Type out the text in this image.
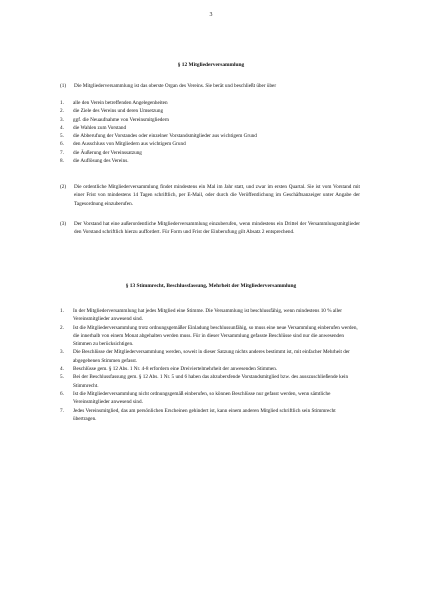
3
§ 12 Mitgliederversammlung
(1)	Die Mitgliederversammlung ist das oberste Organ des Vereins. Sie berät und beschließt über über
1.	alle den Verein betreffenden Angelegenheiten
2.	die Ziele des Vereins und deren Umsetzung
3.	ggf. die Neuaufnahme von Vereinsmitgliedern
4.	die Wahlen zum Vorstand
5.	die Abberufung der Vorstandes oder einzelner Vorstandsmitglieder aus wichtigem Grund
6.	den Ausschluss von Mitgliedern aus wichtigem Grund
7.	die Äußerung der Vereinssatzung
8.	die Auflösung des Vereins.
(2)	Die ordentliche Mitgliederversammlung findet mindestens ein Mal im Jahr statt, und zwar im ersten Quartal. Sie ist vom Vorstand mit einer Frist von mindestens 14 Tagen schriftlich, per E-Mail, oder durch die Veröffentlichung im Geschäftsanzeiger unter Angabe der Tagesordnung einzuberufen.
(3)	Der Vorstand hat eine außerordentliche Mitgliederversammlung einzuberufen, wenn mindestens ein Drittel der Versammlungsmitglieder den Vorstand schriftlich hierzu auffordert. Für Form und Frist der Einberufung gilt Absatz 2 entsprechend.
§ 13 Stimmrecht, Beschlussfassung, Mehrheit der Mitgliederversammlung
1.	In der Mitgliederversammlung hat jedes Mitglied eine Stimme. Die Versammlung ist beschlussfähig, wenn mindestens 10 % aller Vereinsmitglieder anwesend sind.
2.	Ist die Mitgliederversammlung trotz ordnungsgemäßer Einladung beschlussunfähig, so muss eine neue Versammlung einberufen werden, die innerhalb von einem Monat abgehalten werden muss. Für in dieser Versammlung gefasste Beschlüsse sind nur die anwesenden Stimmen zu berücksichtigen.
3.	Die Beschlüsse der Mitgliederversammlung werden, soweit in dieser Satzung nichts anderes bestimmt ist, mit einfacher Mehrheit der abgegebenen Stimmen gefasst.
4.	Beschlüsse gem. § 12 Abs. 1 Nr. 4-8 erfordern eine Dreiviertelmehrheit der anwesenden Stimmen.
5.	Bei der Beschlussfassung gem. § 12 Abs. 1 Nr. 5 und 6 haben das abzubersfende Vorstandsmitglied bzw. des ausszuschließende kein Stimmrecht.
6.	Ist die Mitgliederversammlung nicht ordnungsgemäß einberufen, so können Beschlüsse nur gefasst werden, wenn sämtliche Vereinsmitglieder anwesend sind.
7.	Jedes Vereinsmitglied, das am persönlichen Erscheinen gehindert ist, kann einem anderen Mitglied schriftlich sein Stimmrecht übertragen.
